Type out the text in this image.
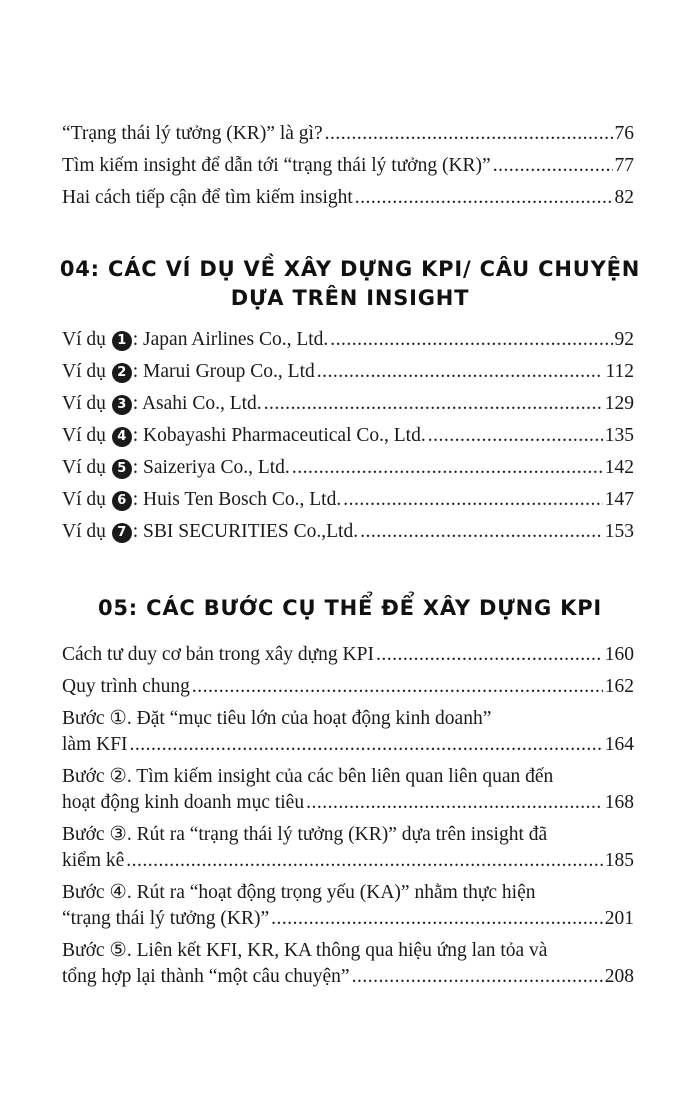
“Trạng thái lý tưởng (KR)” là gì? .....	76
Tìm kiếm insight để dẫn tới “trạng thái lý tưởng (KR)” .....	77
Hai cách tiếp cận để tìm kiếm insight .....	82
04: CÁC VÍ DỤ VỀ XÂY DỰNG KPI/ CÂU CHUYỆN
DỰA TRÊN INSIGHT
Ví dụ 1 : Japan Airlines Co., Ltd. .....	92
Ví dụ 2 : Marui Group Co., Ltd .....	112
Ví dụ 3 : Asahi Co., Ltd. .....	129
Ví dụ 4 : Kobayashi Pharmaceutical Co., Ltd. .....	135
Ví dụ 5 : Saizeriya Co., Ltd. .....	142
Ví dụ 6 : Huis Ten Bosch Co., Ltd. .....	147
Ví dụ 7 : SBI SECURITIES Co.,Ltd. .....	153
05: CÁC BƯỚC CỤ THỂ ĐỂ XÂY DỰNG KPI
Cách tư duy cơ bản trong xây dựng KPI .....	160
Quy trình chung .....	162
Bước ①. Đặt “mục tiêu lớn của hoạt động kinh doanh”
làm KFI .....	164
Bước ②. Tìm kiếm insight của các bên liên quan liên quan đến
hoạt động kinh doanh mục tiêu .....	168
Bước ③. Rút ra “trạng thái lý tưởng (KR)” dựa trên insight đã
kiểm kê .....	185
Bước ④. Rút ra “hoạt động trọng yếu (KA)” nhằm thực hiện
“trạng thái lý tưởng (KR)” .....	201
Bước ⑤. Liên kết KFI, KR, KA thông qua hiệu ứng lan tỏa và
tổng hợp lại thành “một câu chuyện” .....	208
